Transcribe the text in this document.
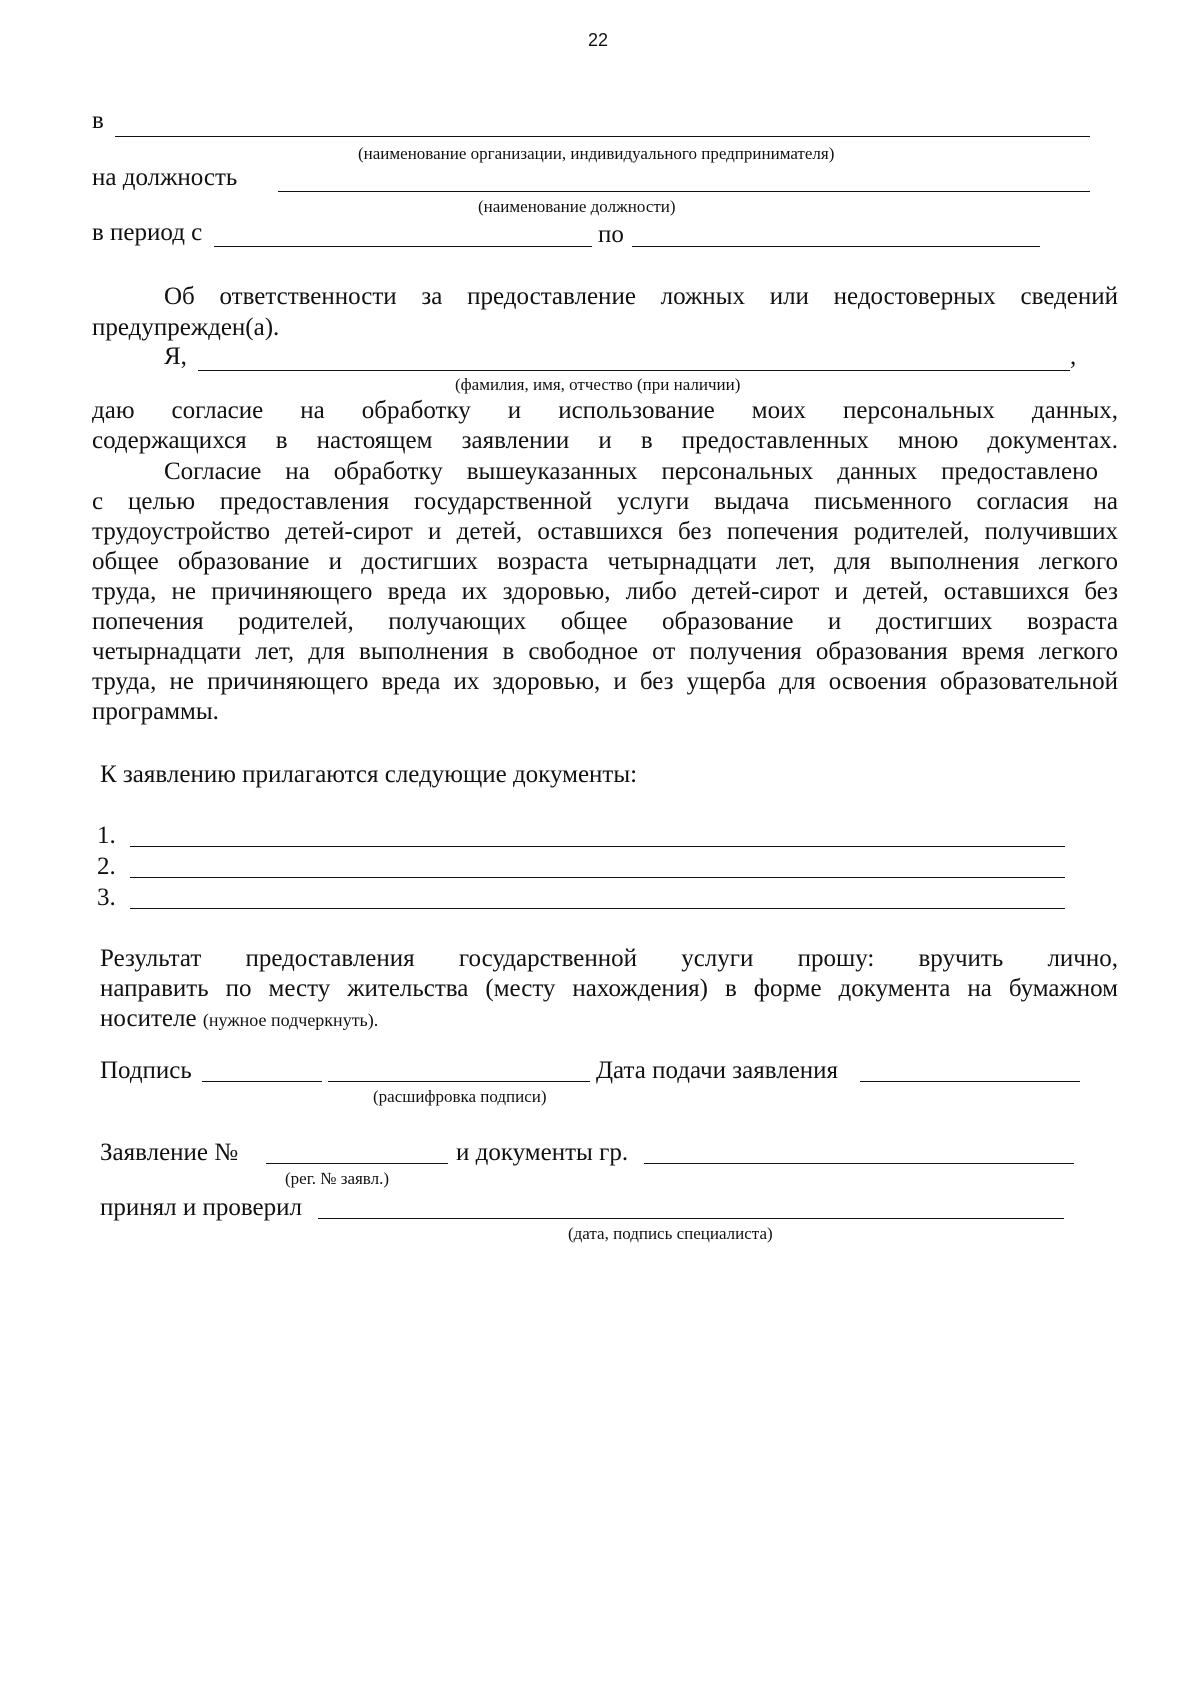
22
в
(наименование организации, индивидуального предпринимателя)
на должность
(наименование должности)
в период с	по
Об ответственности за предоставление ложных или недостоверных сведений
предупрежден(а).
Я,	,
(фамилия, имя, отчество (при наличии)
даю согласие на обработку и использование моих персональных данных,
содержащихся в настоящем заявлении и в предоставленных мною документах.
Согласие на обработку вышеуказанных персональных данных предоставлено
с целью предоставления государственной услуги выдача письменного согласия на
трудоустройство детей-сирот и детей, оставшихся без попечения родителей, получивших
общее образование и достигших возраста четырнадцати лет, для выполнения легкого
труда, не причиняющего вреда их здоровью, либо детей-сирот и детей, оставшихся без
попечения родителей, получающих общее образование и достигших возраста
четырнадцати лет, для выполнения в свободное от получения образования время легкого
труда, не причиняющего вреда их здоровью, и без ущерба для освоения образовательной
программы.
К заявлению прилагаются следующие документы:
1.
2.
3.
Результат предоставления государственной услуги прошу: вручить лично,
направить по месту жительства (месту нахождения) в форме документа на бумажном
носителе (нужное подчеркнуть).
Подпись	Дата подачи заявления
(расшифровка подписи)
Заявление №	и документы гр.
(рег. № заявл.)
принял и проверил
(дата, подпись специалиста)
